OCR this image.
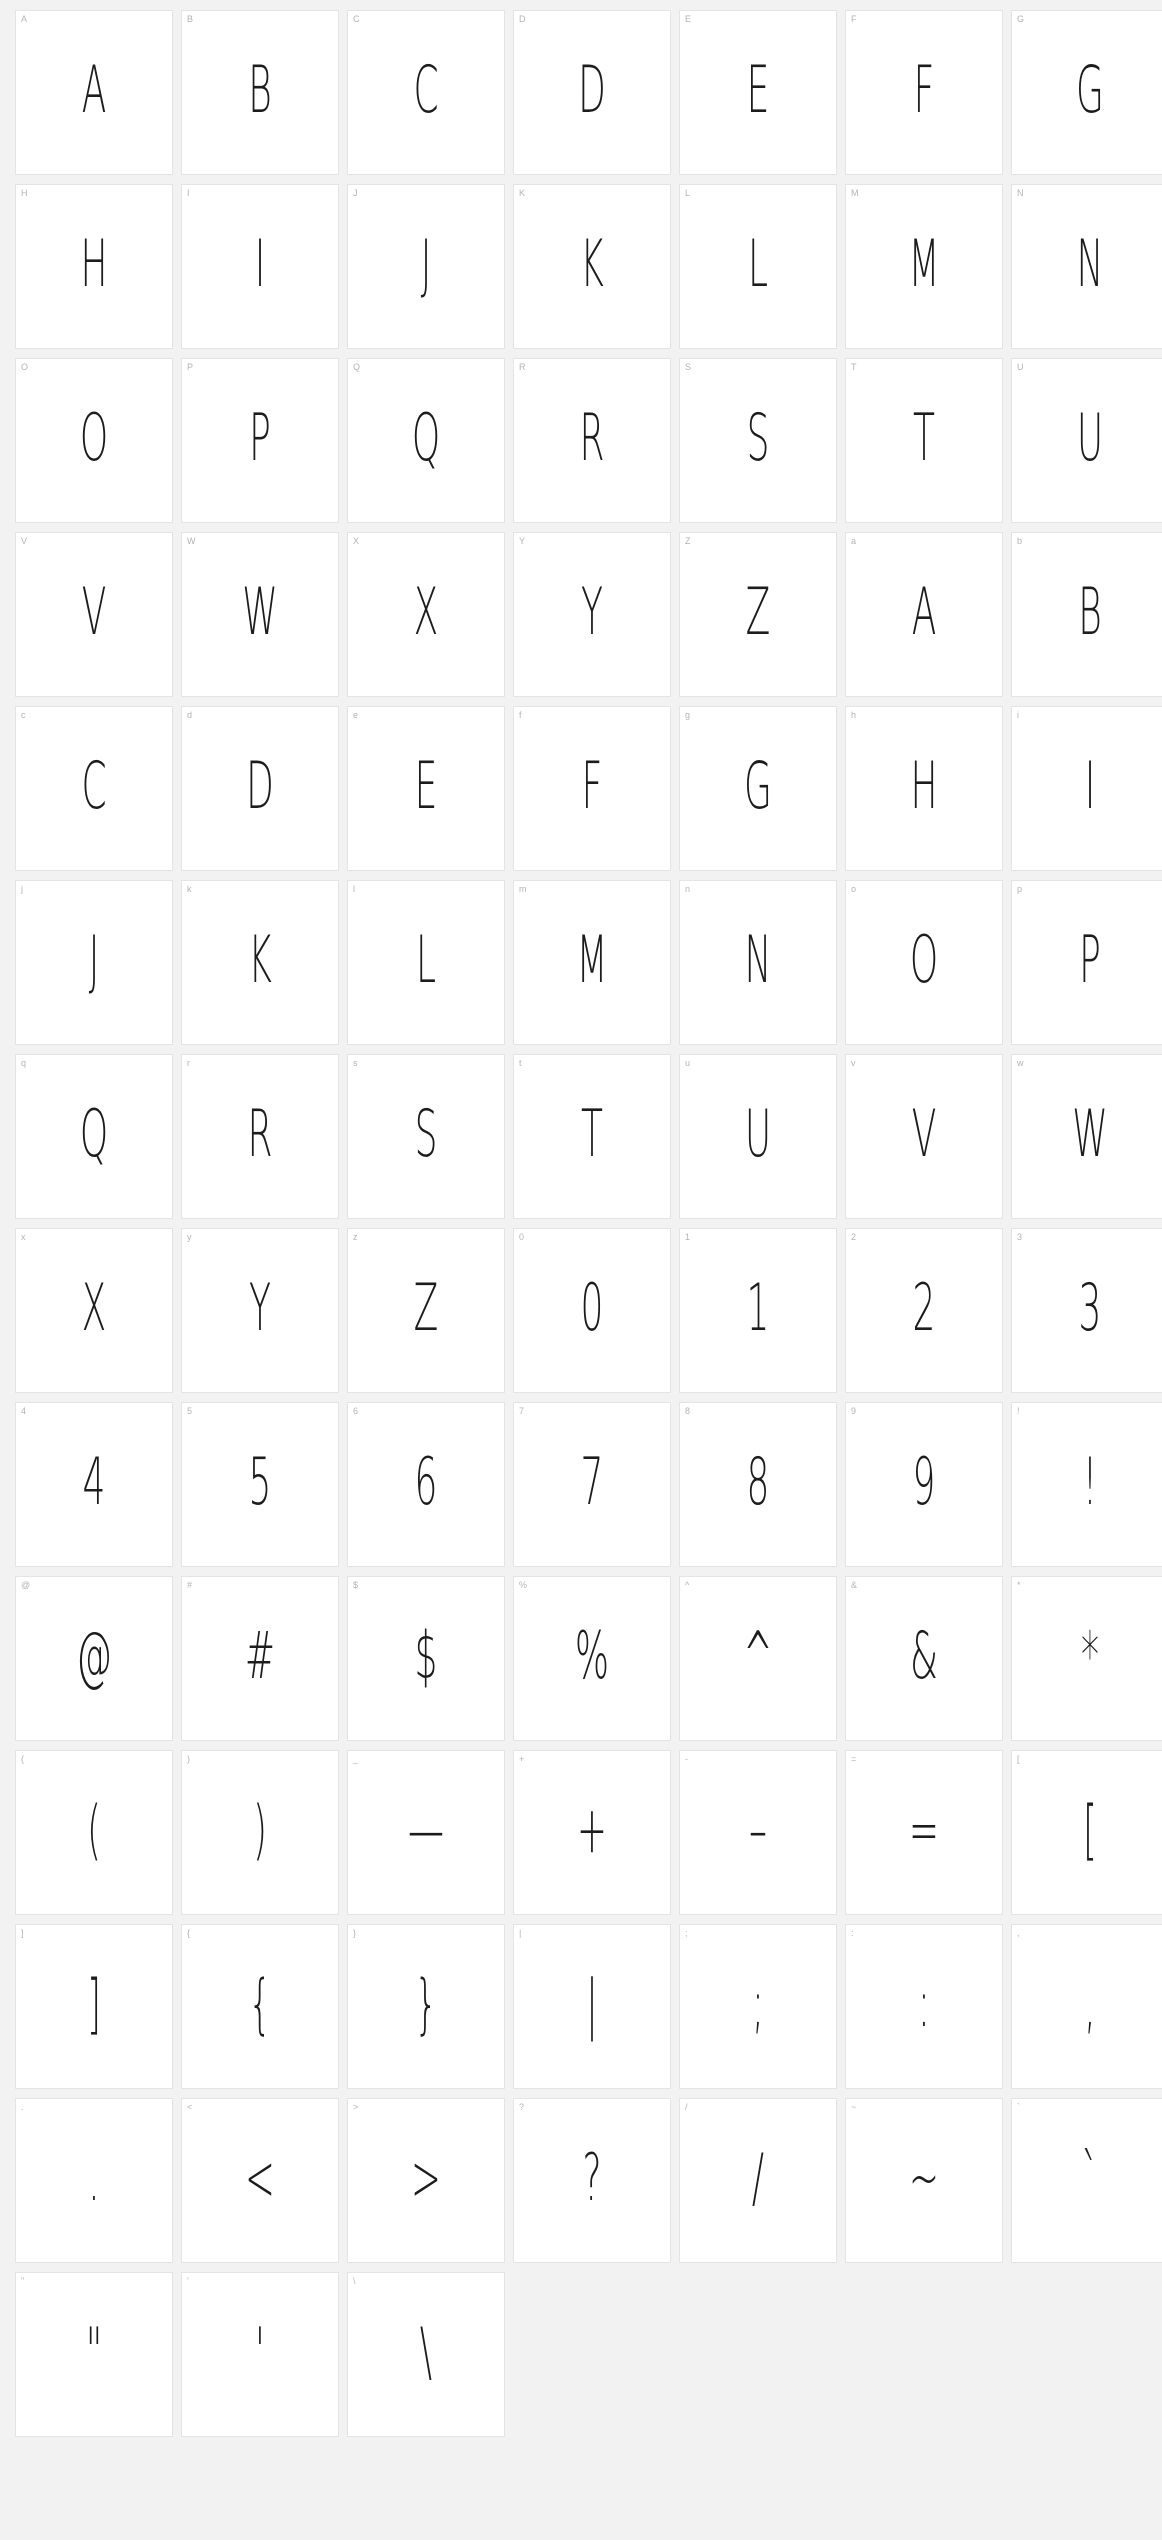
A
A
B
B
C
C
D
D
E
E
F
F
G
G
H
H
I
I
J
J
K
K
L
L
M
M
N
N
O
O
P
P
Q
Q
R
R
S
S
T
T
U
U
V
V
W
W
X
X
Y
Y
Z
Z
a
A
b
B
c
C
d
D
e
E
f
F
g
G
h
H
i
I
j
J
k
K
l
L
m
M
n
N
o
O
p
P
q
Q
r
R
s
S
t
T
u
U
v
V
w
W
x
X
y
Y
z
Z
0
0
1
1
2
2
3
3
4
4
5
5
6
6
7
7
8
8
9
9
!
!
@
@
#
#
$
$
%
%
^
^
&
&
*
*
(
(
)
)
_
—
+
+
-
–
=
=
[
[
]
]
{
{
}
}
|
|
;
;
:
:
,
,
.
.
<
<
>
>
?
?
/
/
~
~
`
`
"
"
'
'
\
\
